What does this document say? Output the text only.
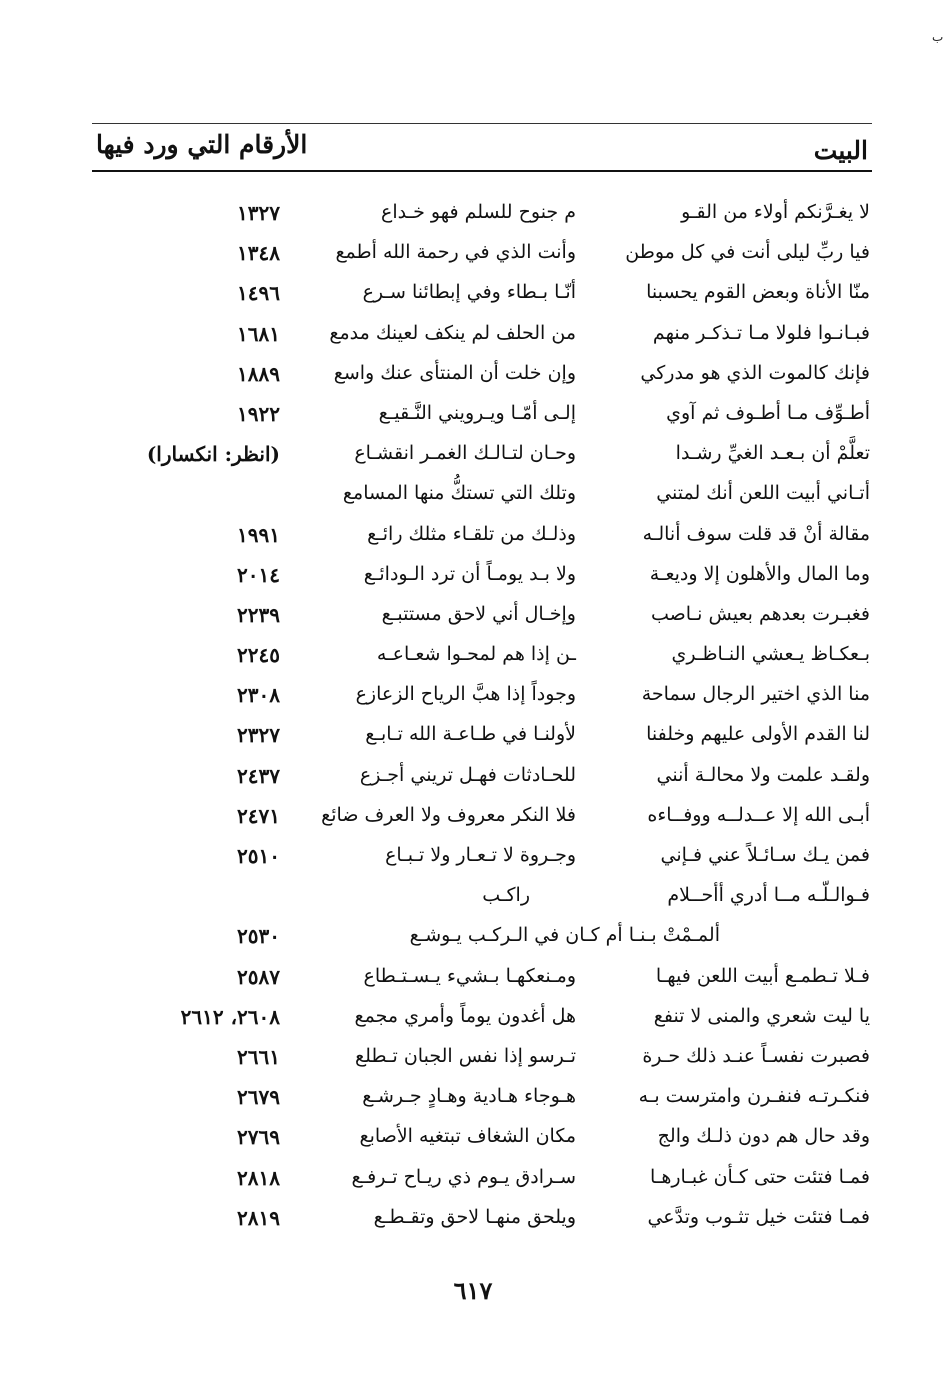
ب
البيت
الأرقام التي ورد فيها
لا يغـرَّنكم أولاء من القـو
م جنوح للسلم فهو خـداع
١٣٢٧
فيا ربِّ ليلى أنت في كل موطن
وأنت الذي في رحمة الله أطمع
١٣٤٨
منّا الأناة وبعض القوم يحسبنا
أنّـا بـطاء وفي إبطائنا سـرع
١٤٩٦
فبـانـوا فلولا مـا تـذكـر منهم
من الحلف لم ينكف لعينك مدمع
١٦٨١
فإنك كالموت الذي هو مدركي
وإن خلت أن المنتأى عنك واسع
١٨٨٩
أطـوِّف مـا أطـوف ثم آوي
إلـى أمّـا ويـرويني النَّـقيـع
١٩٢٢
تعلَّمْ أن بـعـد الغيِّ رشـدا
وحـان لتـالـك الغمـر انقشـاع
(انظر: انكسارا)
أتـاني أبيت اللعن أنك لمتني
وتلك التي تستكُّ منها المسامع
مقالة أنْ قد قلت سوف أنالـه
وذلـك من تلقـاء مثلك رائـع
١٩٩١
وما المال والأهلون إلا وديعـة
ولا بـد يومـاً أن ترد الـودائـع
٢٠١٤
فغبـرت بعدهم بعيش نـاصب
وإخـال أني لاحق مستتبـع
٢٢٣٩
بـعكـاظ يـعشي النـاظـري
ـن إذا هم لمحـوا شعـاعـه
٢٢٤٥
منا الذي اختير الرجال سماحة
وجوداً إذا هبَّ الرياح الزعازع
٢٣٠٨
لنا القدم الأولى عليهم وخلفنا
لأولنـا في طـاعـة الله تـابـع
٢٣٢٧
ولقـد علمت ولا محالـة أنني
للحـادثات فهـل تريني أجـزع
٢٤٣٧
أبـى الله إلا عــدلــه ووفــاءه
فلا النكر معروف ولا العرف ضائع
٢٤٧١
فمن يـك سـائـلاً عني فـإني
وجـروة لا تـعـار ولا تـبـاع
٢٥١٠
فـوالـلّـه مــا أدري أأحــلام
راكـب
ألمـمْتْ بـنـا أم كـان في الـركـب يـوشـع
٢٥٣٠
فـلا تـطمـع أبيت اللعن فيهـا
ومـنعكهـا بـشيء يـسـتـطاع
٢٥٨٧
يا ليت شعري والمنى لا تنفع
هل أغدون يوماً وأمري مجمع
٢٦٠٨، ٢٦١٢
فصبرت نفسـاً عنـد ذلك حـرة
تـرسو إذا نفس الجبان تـطلع
٢٦٦١
فنكـرتـه فنفـرن وامترست بـه
هـوجاء هـادية وهـادٍ جـرشـع
٢٦٧٩
وقد حال هم دون ذلـك والج
مكان الشغاف تبتغيه الأصابع
٢٧٦٩
فمـا فتئت حتى كـأن غبـارهـا
سـرادق يـوم ذي ريـاح تـرفـع
٢٨١٨
فمـا فتئت خيل تثـوب وتدَّعي
ويلحق منهـا لاحق وتقـطـع
٢٨١٩
٦١٧
